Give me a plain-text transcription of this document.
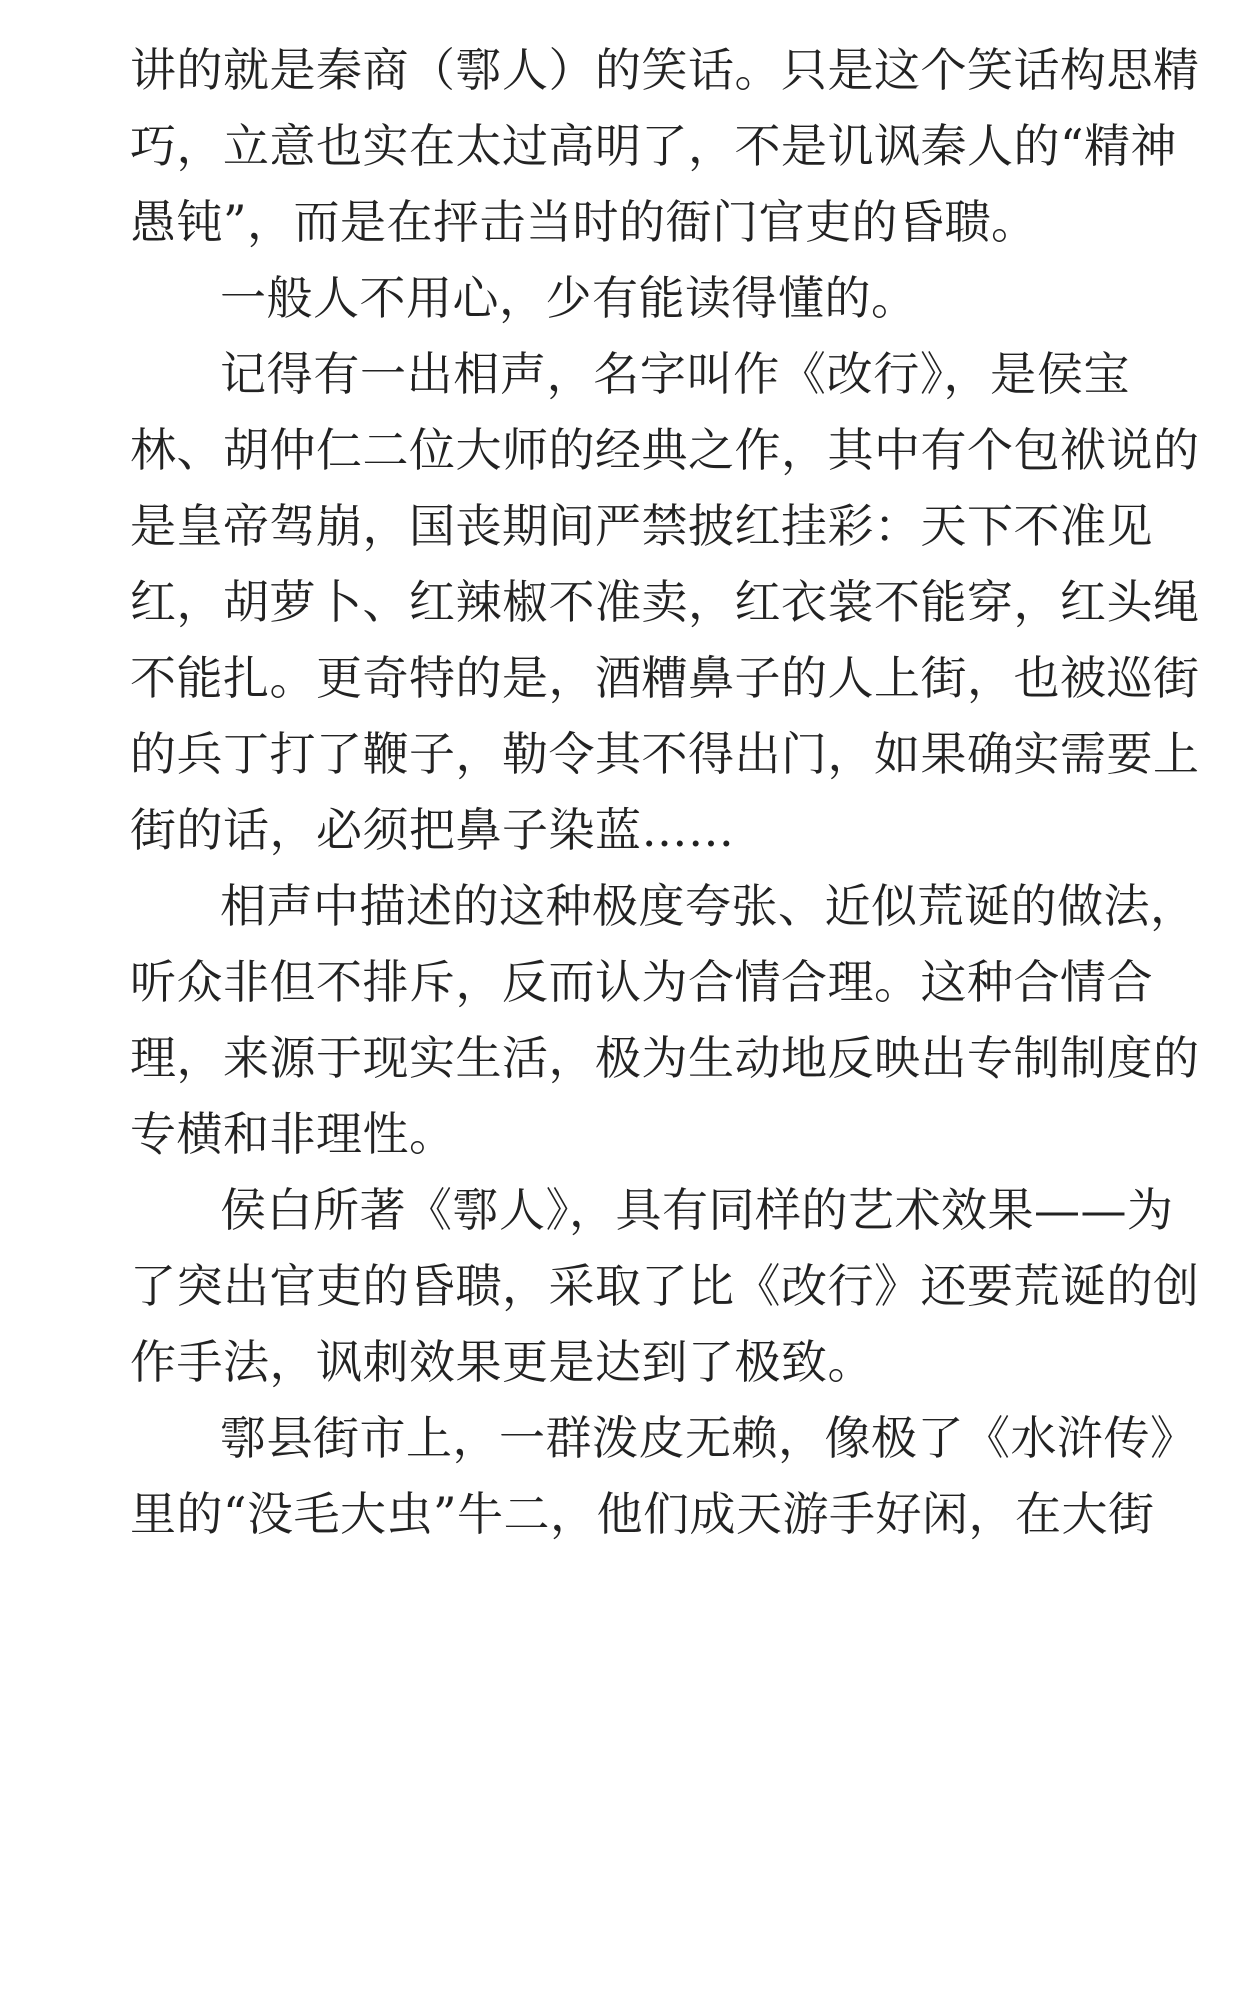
讲的就是秦商（鄠人）的笑话。只是这个笑话构思精
巧，立意也实在太过高明了，不是讥讽秦人的“精神
愚钝”，而是在抨击当时的衙门官吏的昏聩。
一般人不用心，少有能读得懂的。
记得有一出相声，名字叫作《改行》，是侯宝
林、胡仲仁二位大师的经典之作，其中有个包袱说的
是皇帝驾崩，国丧期间严禁披红挂彩：天下不准见
红，胡萝卜、红辣椒不准卖，红衣裳不能穿，红头绳
不能扎。更奇特的是，酒糟鼻子的人上街，也被巡街
的兵丁打了鞭子，勒令其不得出门，如果确实需要上
街的话，必须把鼻子染蓝……
相声中描述的这种极度夸张、近似荒诞的做法，
听众非但不排斥，反而认为合情合理。这种合情合
理，来源于现实生活，极为生动地反映出专制制度的
专横和非理性。
侯白所著《鄠人》，具有同样的艺术效果——为
了突出官吏的昏聩，采取了比《改行》还要荒诞的创
作手法，讽刺效果更是达到了极致。
鄠县街市上，一群泼皮无赖，像极了《水浒传》
里的“没毛大虫”牛二，他们成天游手好闲，在大街
